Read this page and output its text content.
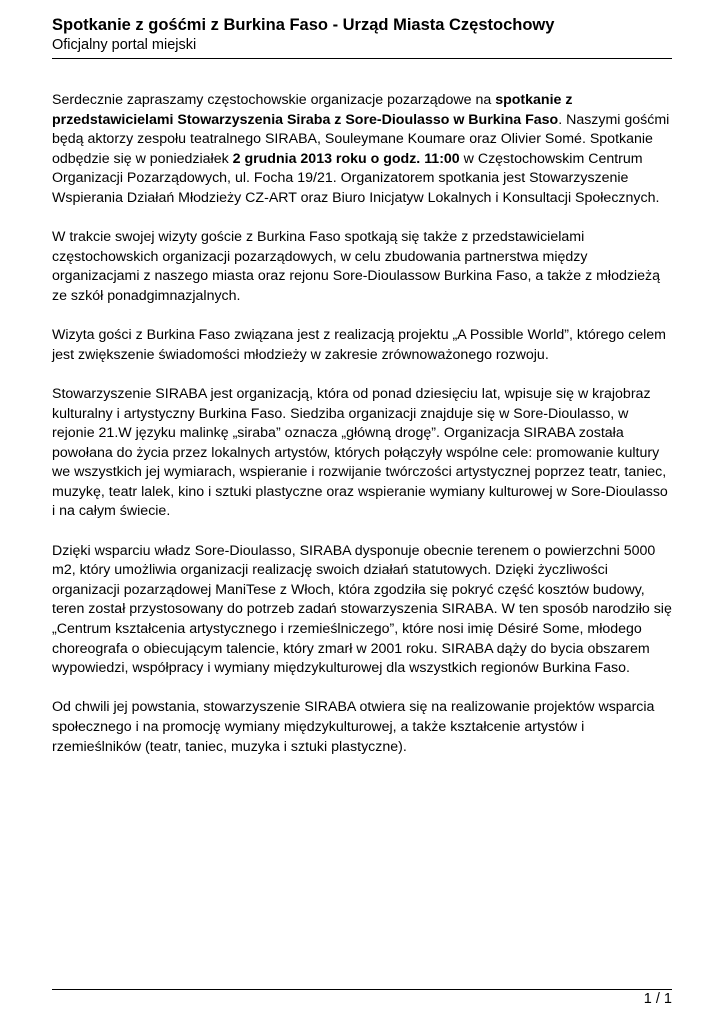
Spotkanie z gośćmi z Burkina Faso - Urząd Miasta Częstochowy
Oficjalny portal miejski

Serdecznie zapraszamy częstochowskie organizacje pozarządowe na spotkanie z przedstawicielami Stowarzyszenia Siraba z Sore-Dioulasso w Burkina Faso. Naszymi gośćmi będą aktorzy zespołu teatralnego SIRABA, Souleymane Koumare oraz Olivier Somé. Spotkanie odbędzie się w poniedziałek 2 grudnia 2013 roku o godz. 11:00 w Częstochowskim Centrum Organizacji Pozarządowych, ul. Focha 19/21. Organizatorem spotkania jest Stowarzyszenie Wspierania Działań Młodzieży CZ-ART oraz Biuro Inicjatyw Lokalnych i Konsultacji Społecznych.

W trakcie swojej wizyty goście z Burkina Faso spotkają się także z przedstawicielami częstochowskich organizacji pozarządowych, w celu zbudowania partnerstwa między organizacjami z naszego miasta oraz rejonu Sore-Dioulassow Burkina Faso, a także z młodzieżą ze szkół ponadgimnazjalnych.

Wizyta gości z Burkina Faso związana jest z realizacją projektu „A Possible World”, którego celem jest zwiększenie świadomości młodzieży w zakresie zrównoważonego rozwoju.

Stowarzyszenie SIRABA jest organizacją, która od ponad dziesięciu lat, wpisuje się w krajobraz kulturalny i artystyczny Burkina Faso. Siedziba organizacji znajduje się w Sore-Dioulasso, w rejonie 21.W języku malinkę „siraba” oznacza „główną drogę”. Organizacja SIRABA została powołana do życia przez lokalnych artystów, których połączyły wspólne cele: promowanie kultury we wszystkich jej wymiarach, wspieranie i rozwijanie twórczości artystycznej poprzez teatr, taniec, muzykę, teatr lalek, kino i sztuki plastyczne oraz wspieranie wymiany kulturowej w Sore-Dioulasso i na całym świecie.

Dzięki wsparciu władz Sore-Dioulasso, SIRABA dysponuje obecnie terenem o powierzchni 5000 m2, który umożliwia organizacji realizację swoich działań statutowych. Dzięki życzliwości organizacji pozarządowej ManiTese z Włoch, która zgodziła się pokryć część kosztów budowy, teren został przystosowany do potrzeb zadań stowarzyszenia SIRABA. W ten sposób narodziło się „Centrum kształcenia artystycznego i rzemieślniczego”, które nosi imię Désiré Some, młodego choreografa o obiecującym talencie, który zmarł w 2001 roku. SIRABA dąży do bycia obszarem wypowiedzi, współpracy i wymiany międzykulturowej dla wszystkich regionów Burkina Faso.

Od chwili jej powstania, stowarzyszenie SIRABA otwiera się na realizowanie projektów wsparcia społecznego i na promocję wymiany międzykulturowej, a także kształcenie artystów i rzemieślników (teatr, taniec, muzyka i sztuki plastyczne).

1 / 1
